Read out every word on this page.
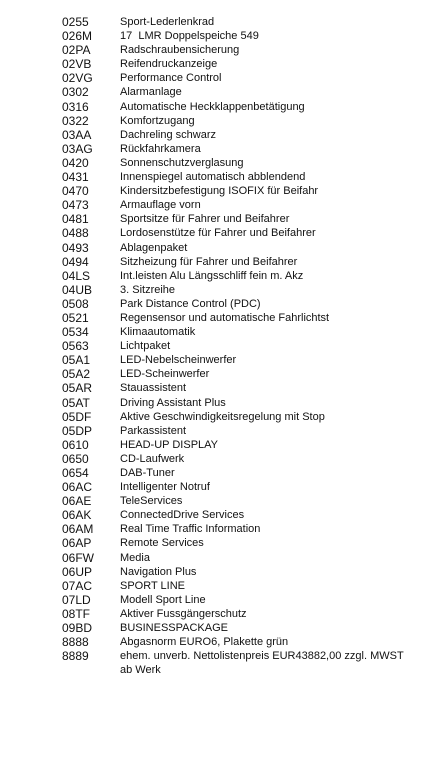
0255	Sport-Lederlenkrad
026M	17  LMR Doppelspeiche 549
02PA	Radschraubensicherung
02VB	Reifendruckanzeige
02VG	Performance Control
0302	Alarmanlage
0316	Automatische Heckklappenbetätigung
0322	Komfortzugang
03AA	Dachreling schwarz
03AG	Rückfahrkamera
0420	Sonnenschutzverglasung
0431	Innenspiegel automatisch abblendend
0470	Kindersitzbefestigung ISOFIX für Beifahr
0473	Armauflage vorn
0481	Sportsitze für Fahrer und Beifahrer
0488	Lordosenstütze für Fahrer und Beifahrer
0493	Ablagenpaket
0494	Sitzheizung für Fahrer und Beifahrer
04LS	Int.leisten Alu Längsschliff fein m. Akz
04UB	3. Sitzreihe
0508	Park Distance Control (PDC)
0521	Regensensor und automatische Fahrlichtst
0534	Klimaautomatik
0563	Lichtpaket
05A1	LED-Nebelscheinwerfer
05A2	LED-Scheinwerfer
05AR	Stauassistent
05AT	Driving Assistant Plus
05DF	Aktive Geschwindigkeitsregelung mit Stop
05DP	Parkassistent
0610	HEAD-UP DISPLAY
0650	CD-Laufwerk
0654	DAB-Tuner
06AC	Intelligenter Notruf
06AE	TeleServices
06AK	ConnectedDrive Services
06AM	Real Time Traffic Information
06AP	Remote Services
06FW	Media
06UP	Navigation Plus
07AC	SPORT LINE
07LD	Modell Sport Line
08TF	Aktiver Fussgängerschutz
09BD	BUSINESSPACKAGE
8888	Abgasnorm EURO6, Plakette grün
8889	ehem. unverb. Nettolistenpreis EUR43882,00 zzgl. MWST
ab Werk
